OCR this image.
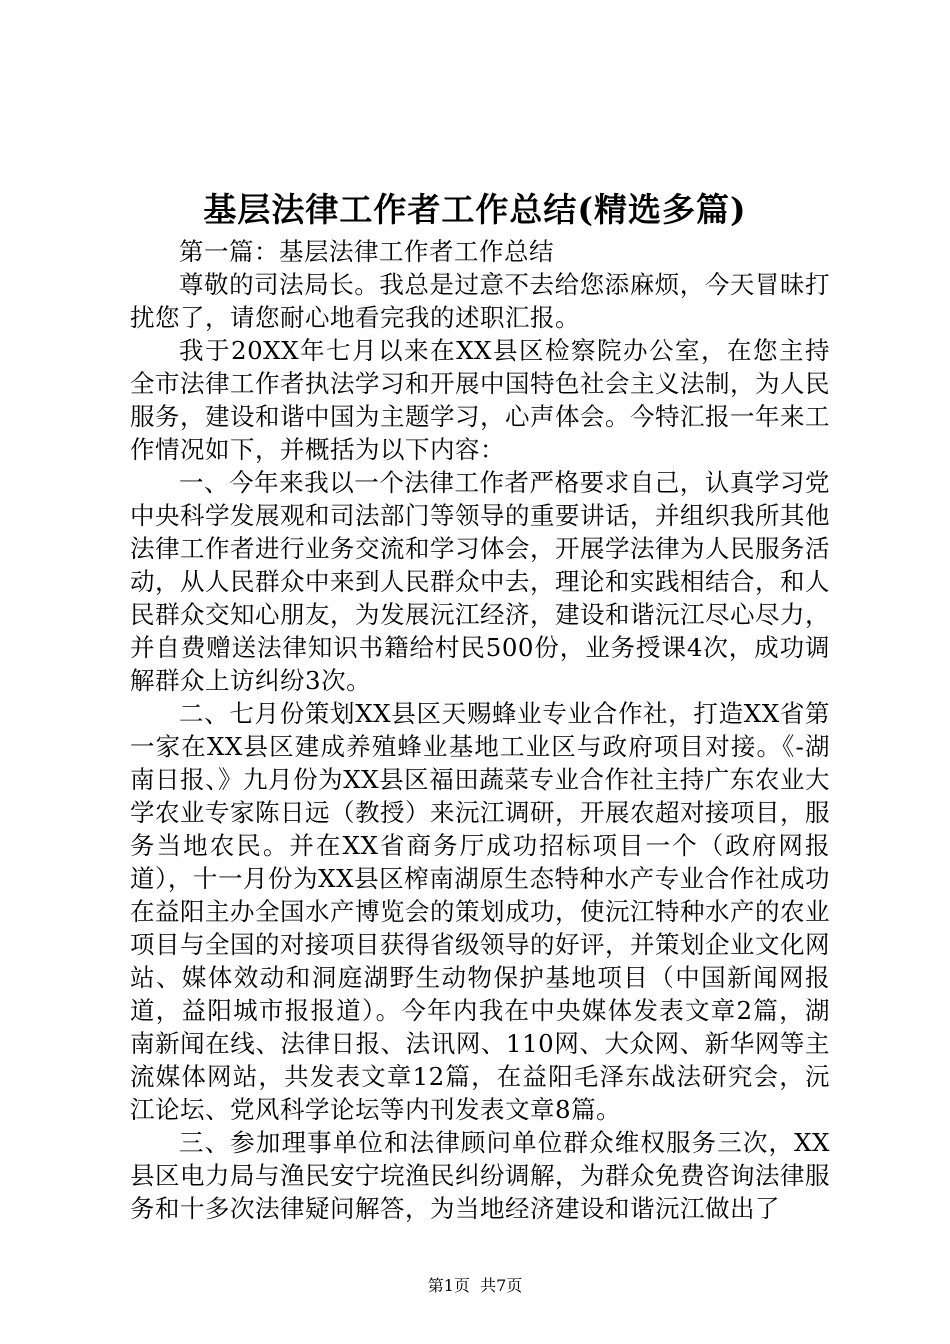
基层法律工作者工作总结(精选多篇)

第一篇：基层法律工作者工作总结

尊敬的司法局长。我总是过意不去给您添麻烦，今天冒昧打扰您了，请您耐心地看完我的述职汇报。

我于20XX年七月以来在XX县区检察院办公室，在您主持全市法律工作者执法学习和开展中国特色社会主义法制，为人民服务，建设和谐中国为主题学习，心声体会。今特汇报一年来工作情况如下，并概括为以下内容：

一、今年来我以一个法律工作者严格要求自己，认真学习党中央科学发展观和司法部门等领导的重要讲话，并组织我所其他法律工作者进行业务交流和学习体会，开展学法律为人民服务活动，从人民群众中来到人民群众中去，理论和实践相结合，和人民群众交知心朋友，为发展沅江经济，建设和谐沅江尽心尽力，并自费赠送法律知识书籍给村民500份，业务授课4次，成功调解群众上访纠纷3次。

二、七月份策划XX县区天赐蜂业专业合作社，打造XX省第一家在XX县区建成养殖蜂业基地工业区与政府项目对接。《-湖南日报、》九月份为XX县区福田蔬菜专业合作社主持广东农业大学农业专家陈日远（教授）来沅江调研，开展农超对接项目，服务当地农民。并在XX省商务厅成功招标项目一个（政府网报道），十一月份为XX县区榨南湖原生态特种水产专业合作社成功在益阳主办全国水产博览会的策划成功，使沅江特种水产的农业项目与全国的对接项目获得省级领导的好评，并策划企业文化网站、媒体效动和洞庭湖野生动物保护基地项目（中国新闻网报道，益阳城市报报道）。今年内我在中央媒体发表文章2篇，湖南新闻在线、法律日报、法讯网、110网、大众网、新华网等主流媒体网站，共发表文章12篇，在益阳毛泽东战法研究会，沅江论坛、党风科学论坛等内刊发表文章8篇。

三、参加理事单位和法律顾问单位群众维权服务三次，XX县区电力局与渔民安宁垸渔民纠纷调解，为群众免费咨询法律服务和十多次法律疑问解答，为当地经济建设和谐沅江做出了

第1页  共7页
